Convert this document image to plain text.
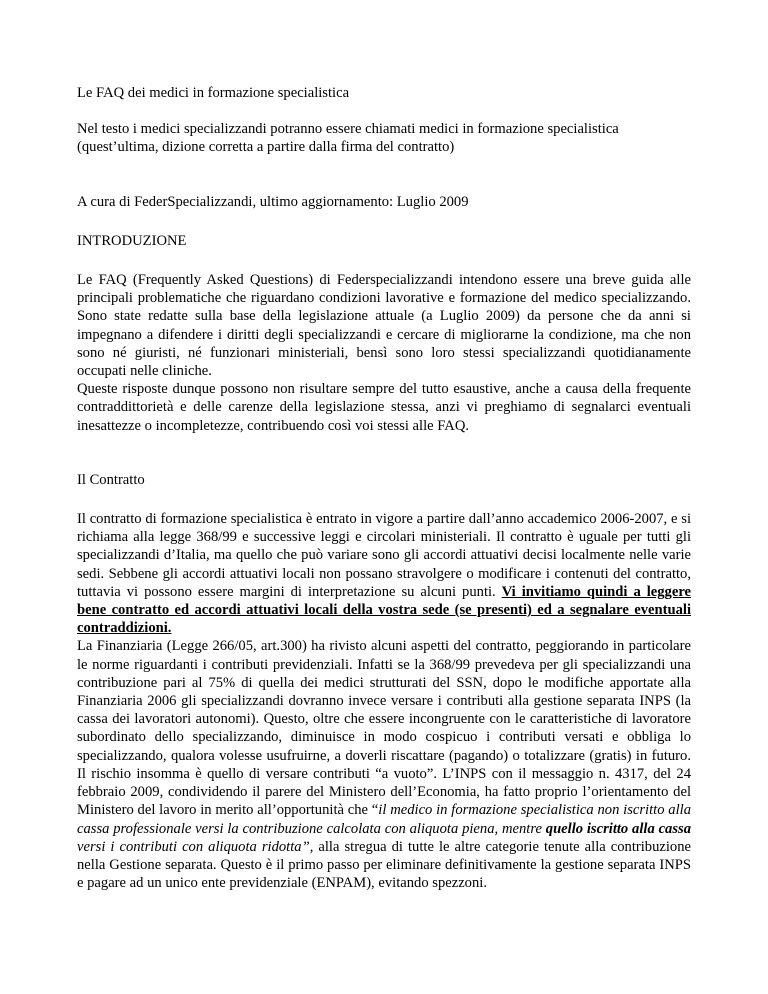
Le FAQ dei medici in formazione specialistica

Nel testo i medici specializzandi potranno essere chiamati medici in formazione specialistica (quest’ultima, dizione corretta a partire dalla firma del contratto)

A cura di FederSpecializzandi, ultimo aggiornamento: Luglio 2009

INTRODUZIONE

Le FAQ (Frequently Asked Questions) di Federspecializzandi intendono essere una breve guida alle principali problematiche che riguardano condizioni lavorative e formazione del medico specializzando. Sono state redatte sulla base della legislazione attuale (a Luglio 2009) da persone che da anni si impegnano a difendere i diritti degli specializzandi e cercare di migliorarne la condizione, ma che non sono né giuristi, né funzionari ministeriali, bensì sono loro stessi specializzandi quotidianamente occupati nelle cliniche.

Queste risposte dunque possono non risultare sempre del tutto esaustive, anche a causa della frequente contraddittorietà e delle carenze della legislazione stessa, anzi vi preghiamo di segnalarci eventuali inesattezze o incompletezze, contribuendo così voi stessi alle FAQ.

Il Contratto

Il contratto di formazione specialistica è entrato in vigore a partire dall’anno accademico 2006-2007, e si richiama alla legge 368/99 e successive leggi e circolari ministeriali. Il contratto è uguale per tutti gli specializzandi d’Italia, ma quello che può variare sono gli accordi attuativi decisi localmente nelle varie sedi. Sebbene gli accordi attuativi locali non possano stravolgere o modificare i contenuti del contratto, tuttavia vi possono essere margini di interpretazione su alcuni punti. Vi invitiamo quindi a leggere bene contratto ed accordi attuativi locali della vostra sede (se presenti) ed a segnalare eventuali contraddizioni.

La Finanziaria (Legge 266/05, art.300) ha rivisto alcuni aspetti del contratto, peggiorando in particolare le norme riguardanti i contributi previdenziali. Infatti se la 368/99 prevedeva per gli specializzandi una contribuzione pari al 75% di quella dei medici strutturati del SSN, dopo le modifiche apportate alla Finanziaria 2006 gli specializzandi dovranno invece versare i contributi alla gestione separata INPS (la cassa dei lavoratori autonomi). Questo, oltre che essere incongruente con le caratteristiche di lavoratore subordinato dello specializzando, diminuisce in modo cospicuo i contributi versati e obbliga lo specializzando, qualora volesse usufruirne, a doverli riscattare (pagando) o totalizzare (gratis) in futuro. Il rischio insomma è quello di versare contributi “a vuoto”. L’INPS con il messaggio n. 4317, del 24 febbraio 2009, condividendo il parere del Ministero dell’Economia, ha fatto proprio l’orientamento del Ministero del lavoro in merito all’opportunità che “il medico in formazione specialistica non iscritto alla cassa professionale versi la contribuzione calcolata con aliquota piena, mentre quello iscritto alla cassa versi i contributi con aliquota ridotta”, alla stregua di tutte le altre categorie tenute alla contribuzione nella Gestione separata. Questo è il primo passo per eliminare definitivamente la gestione separata INPS e pagare ad un unico ente previdenziale (ENPAM), evitando spezzoni.
